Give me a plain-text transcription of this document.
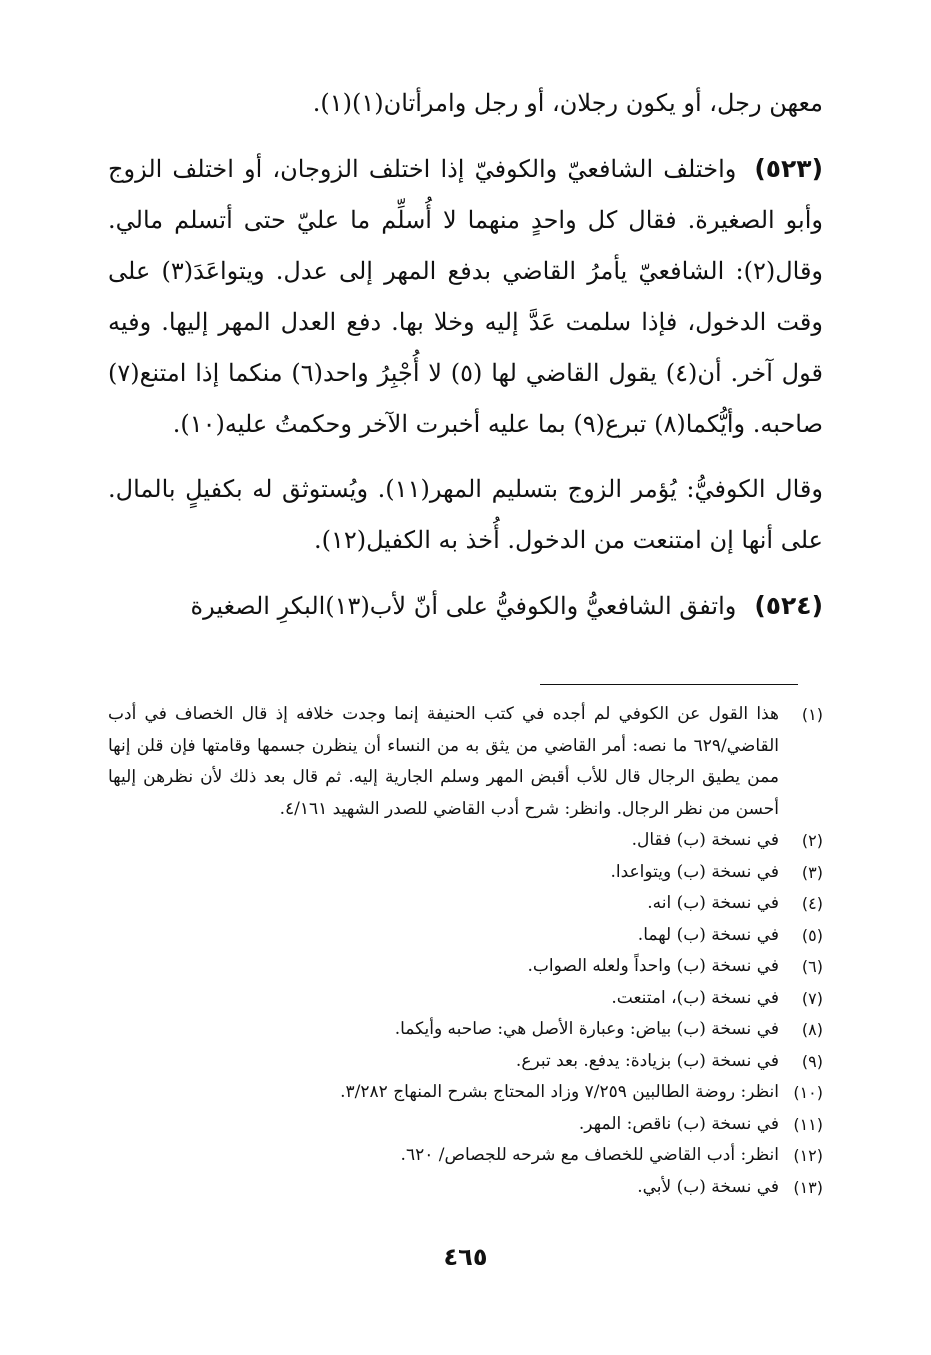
معهن رجل، أو يكون رجلان، أو رجل وامرأتان(١)(١).

(٥٢٣)واختلف الشافعيّ والكوفيّ إذا اختلف الزوجان، أو اختلف الزوج وأبو الصغيرة. فقال كل واحدٍ منهما لا أُسلِّم ما عليّ حتى أتسلم مالي. وقال(٢): الشافعيّ يأمرُ القاضي بدفع المهر إلى عدل. ويتواعَدَ(٣) على وقت الدخول، فإذا سلمت عَدَّ إليه وخلا بها. دفع العدل المهر إليها. وفيه قول آخر. أن(٤) يقول القاضي لها (٥) لا أُجْبِرُ واحد(٦) منكما إذا امتنع(٧) صاحبه. وأيُّكما(٨) تبرع(٩) بما عليه أخبرت الآخر وحكمتُ عليه(١٠).

وقال الكوفيُّ: يُؤمر الزوج بتسليم المهر(١١). ويُستوثق له بكفيلٍ بالمال. على أنها إن امتنعت من الدخول. أُخذ به الكفيل(١٢).

(٥٢٤)واتفق الشافعيُّ والكوفيُّ على أنّ لأب(١٣)البكرِ الصغيرة

(١)
هذا القول عن الكوفي لم أجده في كتب الحنيفة إنما وجدت خلافه إذ قال الخصاف في أدب القاضي/٦٢٩ ما نصه: أمر القاضي من يثق به من النساء أن ينظرن جسمها وقامتها فإن قلن إنها ممن يطيق الرجال قال للأب أقبض المهر وسلم الجارية إليه. ثم قال بعد ذلك لأن نظرهن إليها أحسن من نظر الرجال. وانظر: شرح أدب القاضي للصدر الشهيد ٤/١٦١.
(٢)
في نسخة (ب) فقال.
(٣)
في نسخة (ب) ويتواعدا.
(٤)
في نسخة (ب) انه.
(٥)
في نسخة (ب) لهما.
(٦)
في نسخة (ب) واحداً ولعله الصواب.
(٧)
في نسخة (ب)، امتنعت.
(٨)
في نسخة (ب) بياض: وعبارة الأصل هي: صاحبه وأيكما.
(٩)
في نسخة (ب) بزيادة: يدفع. بعد تبرع.
(١٠)
انظر: روضة الطالبين ٧/٢٥٩ وزاد المحتاج بشرح المنهاج ٣/٢٨٢.
(١١)
في نسخة (ب) ناقص: المهر.
(١٢)
انظر: أدب القاضي للخصاف مع شرحه للجصاص/ ٦٢٠.
(١٣)
في نسخة (ب) لأبي.
٤٦٥
